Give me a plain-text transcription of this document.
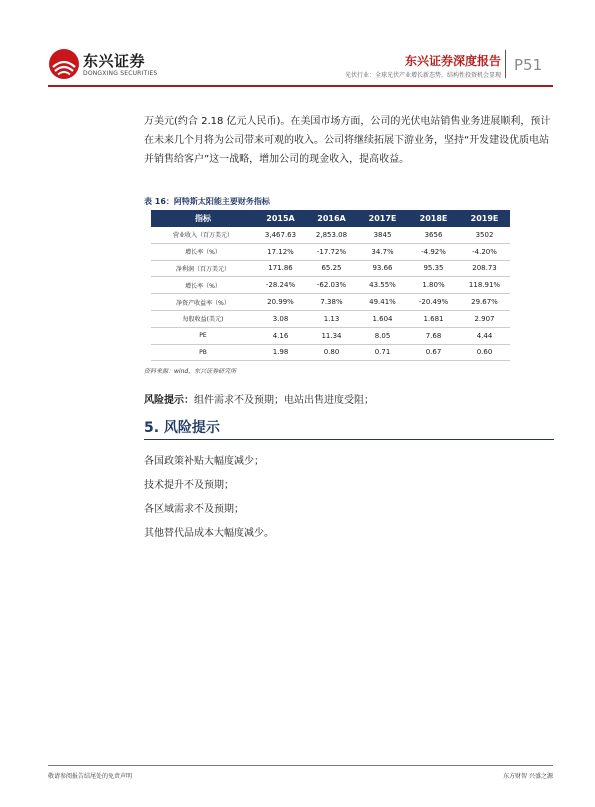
东兴证券
DONGXING SECURITIES
东兴证券深度报告
光伏行业：全球光伏产业增长新态势，结构性投资机会显现
P51

万美元(约合 2.18 亿元人民币)。在美国市场方面，公司的光伏电站销售业务进展顺利，预计在未来几个月将为公司带来可观的收入。公司将继续拓展下游业务，坚持“开发建设优质电站并销售给客户”这一战略，增加公司的现金收入，提高收益。

表 16：阿特斯太阳能主要财务指标
指标	2015A	2016A	2017E	2018E	2019E
营业收入（百万美元）	3,467.63	2,853.08	3845	3656	3502
增长率（%）	17.12%	-17.72%	34.7%	-4.92%	-4.20%
净利润（百万美元）	171.86	65.25	93.66	95.35	208.73
增长率（%）	-28.24%	-62.03%	43.55%	1.80%	118.91%
净资产收益率（%）	20.99%	7.38%	49.41%	-20.49%	29.67%
每股收益(美元)	3.08	1.13	1.604	1.681	2.907
PE	4.16	11.34	8.05	7.68	4.44
PB	1.98	0.80	0.71	0.67	0.60
资料来源：wind，东兴证券研究所
风险提示：组件需求不及预期；电站出售进度受阻；
5. 风险提示
各国政策补贴大幅度减少；
技术提升不及预期；
各区域需求不及预期；
其他替代品成本大幅度减少。
敬请参阅报告结尾处的免责声明	东方财智 兴盛之源
